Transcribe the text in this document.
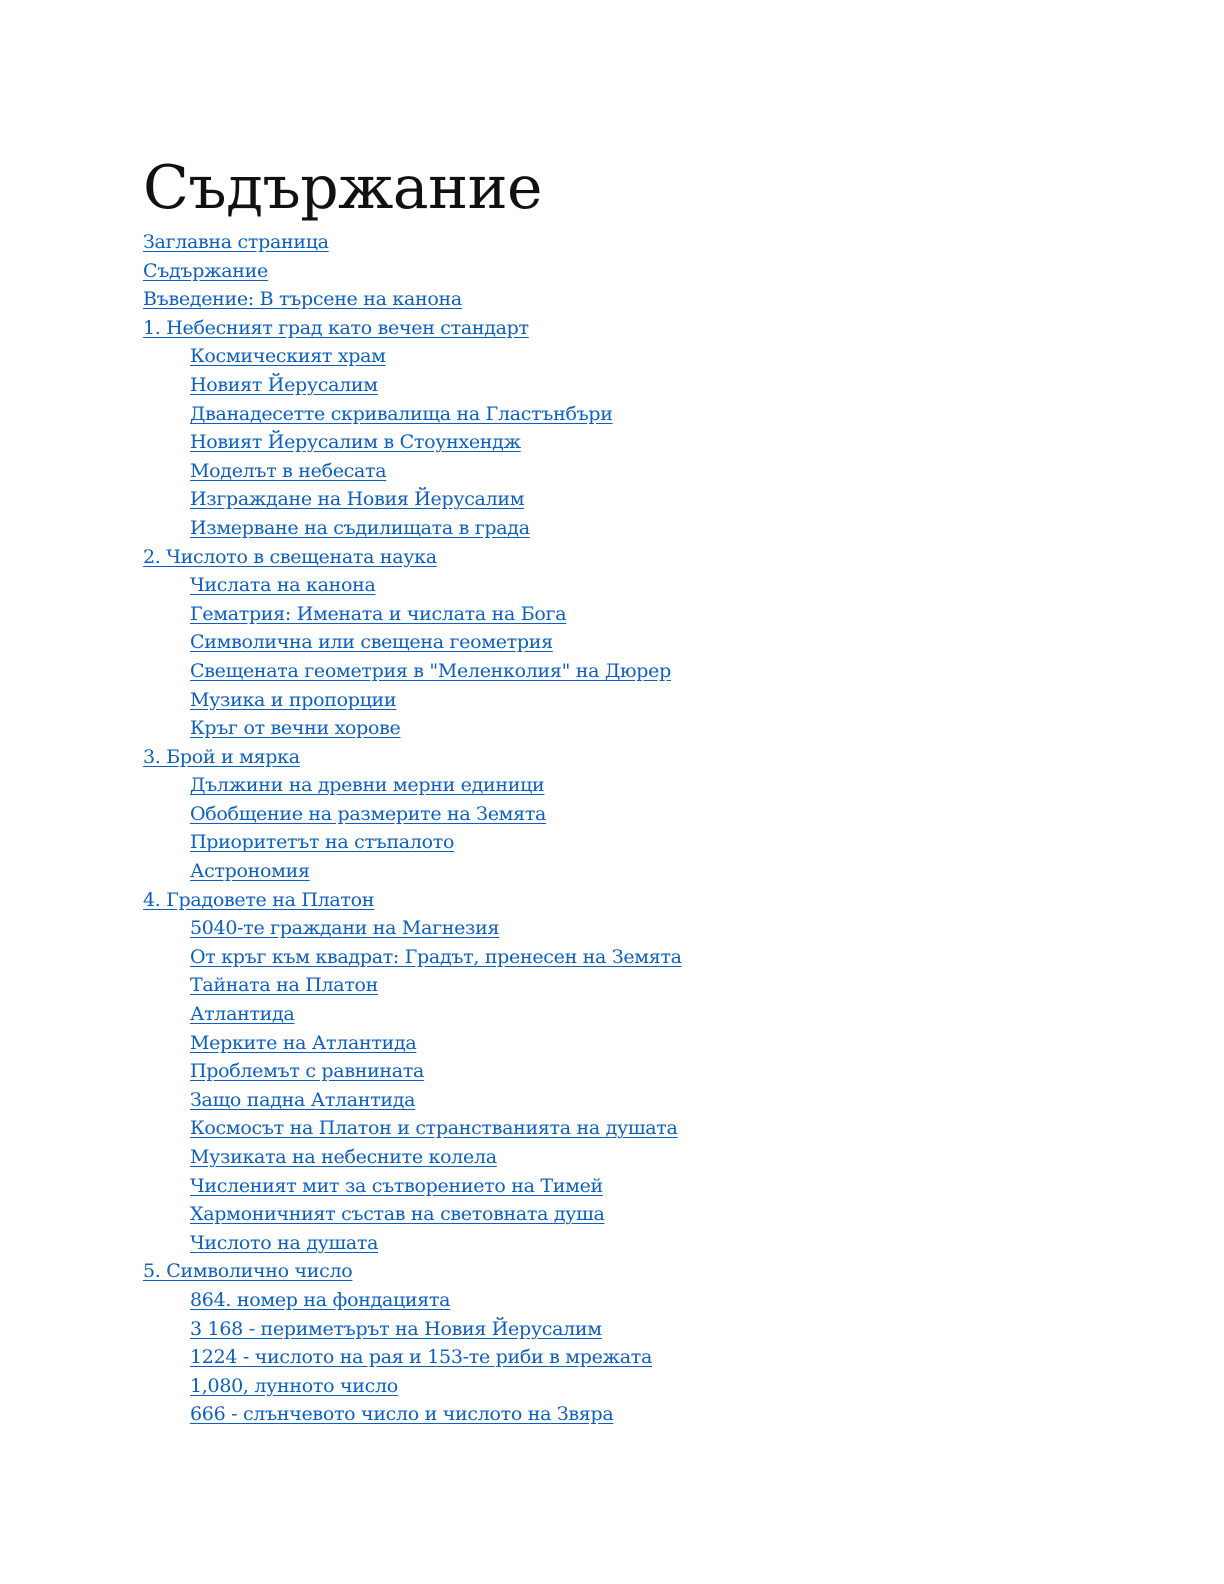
Съдържание
Заглавна страница
Съдържание
Въведение: В търсене на канона
1. Небесният град като вечен стандарт
Космическият храм
Новият Йерусалим
Дванадесетте скривалища на Гластънбъри
Новият Йерусалим в Стоунхендж
Моделът в небесата
Изграждане на Новия Йерусалим
Измерване на съдилищата в града
2. Числото в свещената наука
Числата на канона
Гематрия: Имената и числата на Бога
Символична или свещена геометрия
Свещената геометрия в "Меленколия" на Дюрер
Музика и пропорции
Кръг от вечни хорове
3. Брой и мярка
Дължини на древни мерни единици
Обобщение на размерите на Земята
Приоритетът на стъпалото
Астрономия
4. Градовете на Платон
5040-те граждани на Магнезия
От кръг към квадрат: Градът, пренесен на Земята
Тайната на Платон
Атлантида
Мерките на Атлантида
Проблемът с равнината
Защо падна Атлантида
Космосът на Платон и странстванията на душата
Музиката на небесните колела
Численият мит за сътворението на Тимей
Хармоничният състав на световната душа
Числото на душата
5. Символично число
864. номер на фондацията
3 168 - периметърът на Новия Йерусалим
1224 - числото на рая и 153-те риби в мрежата
1,080, лунното число
666 - слънчевото число и числото на Звяра
